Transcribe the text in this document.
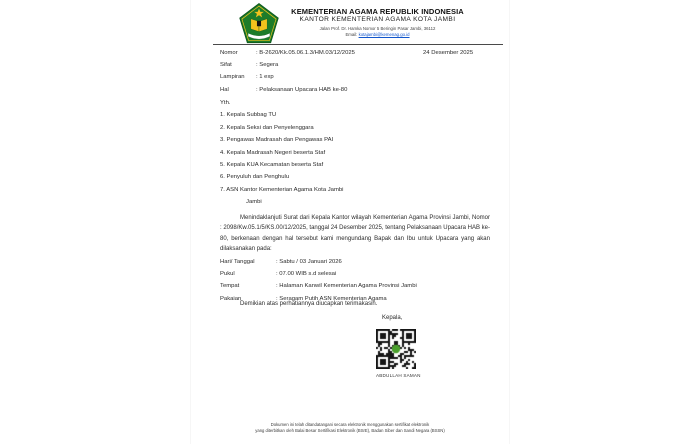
KEMENTERIAN AGAMA REPUBLIK INDONESIA
KANTOR KEMENTERIAN AGAMA KOTA JAMBI
Jalan Prof. Dr. Hamka Nomor 5 Beringin Pasar Jambi, 36112
Email: kotajambi@kemenag.go.id
24 Desember 2025
Nomor	: B-2620/Kk.05.06.1.3/HM.03/12/2025
Sifat	: Segera
Lampiran	: 1 exp
Hal	: Pelaksanaan Upacara HAB ke-80
Yth.
1. Kepala Subbag TU
2. Kepala Seksi dan Penyelenggara
3. Pengawas Madrasah dan Pengawas PAI
4. Kepala Madrasah Negeri beserta Staf
5. Kepala KUA Kecamatan beserta Staf
6. Penyuluh dan Penghulu
7. ASN Kantor Kementerian Agama Kota Jambi
Jambi
Menindaklanjuti Surat dari Kepala Kantor wilayah Kementerian Agama Provinsi Jambi, Nomor : 2098/Kw.05.1/5/KS.00/12/2025, tanggal 24 Desember 2025, tentang Pelaksanaan Upacara HAB ke-80, berkenaan dengan hal tersebut kami mengundang Bapak dan Ibu untuk Upacara yang akan dilaksanakan pada:
Hari/ Tanggal	: Sabtu / 03 Januari 2026
Pukul	: 07.00 WIB s.d selesai
Tempat	: Halaman Kanwil Kementerian Agama Provinsi Jambi
Pakaian	: Seragam Putih ASN Kementerian Agama
Demikian atas perhatiannya diucapkan terimakasih.
Kepala,
ABDULLAH SAMAN
Dokumen ini telah ditandatangani secara elektronik menggunakan sertifikat elektronik
yang diterbitkan oleh Balai Besar Sertifikasi Elektronik (BSrE), Badan Siber dan Sandi Negara (BSSN)
